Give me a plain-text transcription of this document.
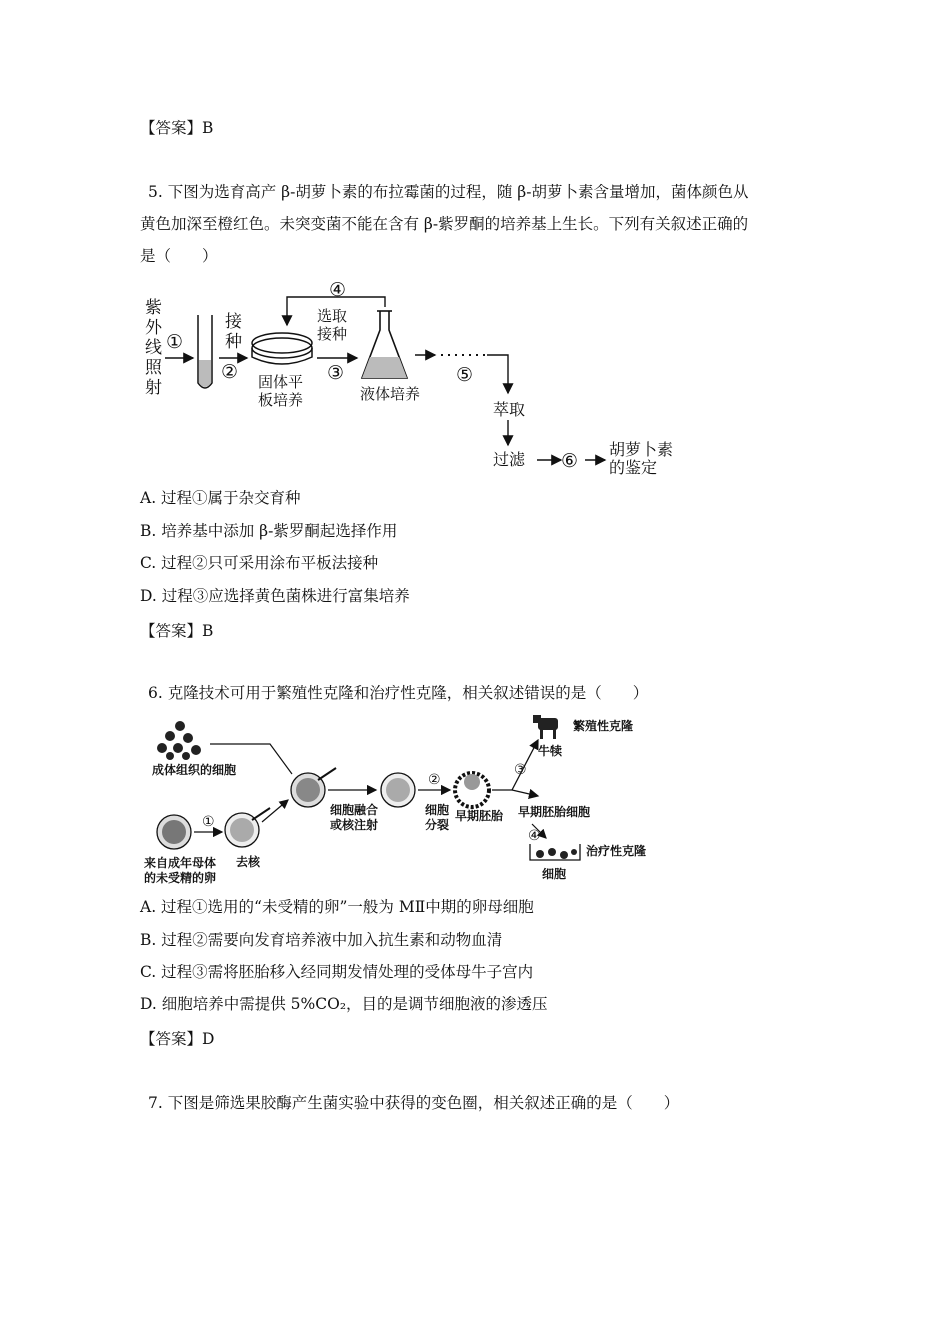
【答案】B
5. 下图为选育高产 β-胡萝卜素的布拉霉菌的过程，随 β-胡萝卜素含量增加，菌体颜色从
黄色加深至橙红色。未突变菌不能在含有 β-紫罗酮的培养基上生长。下列有关叙述正确的
是（　　）
紫
外
线
照
射
①
接
种
② 固体平
板培养
选取
接种
③
液体培养
④
⑤
萃取
过滤 ⑥
胡萝卜素
的鉴定
A. 过程①属于杂交育种
B. 培养基中添加 β-紫罗酮起选择作用
C. 过程②只可采用涂布平板法接种
D. 过程③应选择黄色菌株进行富集培养
【答案】B
6. 克隆技术可用于繁殖性克隆和治疗性克隆，相关叙述错误的是（　　）
成体组织的细胞
来自成年母体
的未受精的卵
①
去核
细胞融合
或核注射
②
细胞
分裂
早期胚胎
③
繁殖性克隆
牛犊
早期胚胎细胞
④
治疗性克隆
细胞
A. 过程①选用的“未受精的卵”一般为 MⅡ中期的卵母细胞
B. 过程②需要向发育培养液中加入抗生素和动物血清
C. 过程③需将胚胎移入经同期发情处理的受体母牛子宫内
D. 细胞培养中需提供 5%CO₂，目的是调节细胞液的渗透压
【答案】D
7. 下图是筛选果胶酶产生菌实验中获得的变色圈，相关叙述正确的是（　　）
